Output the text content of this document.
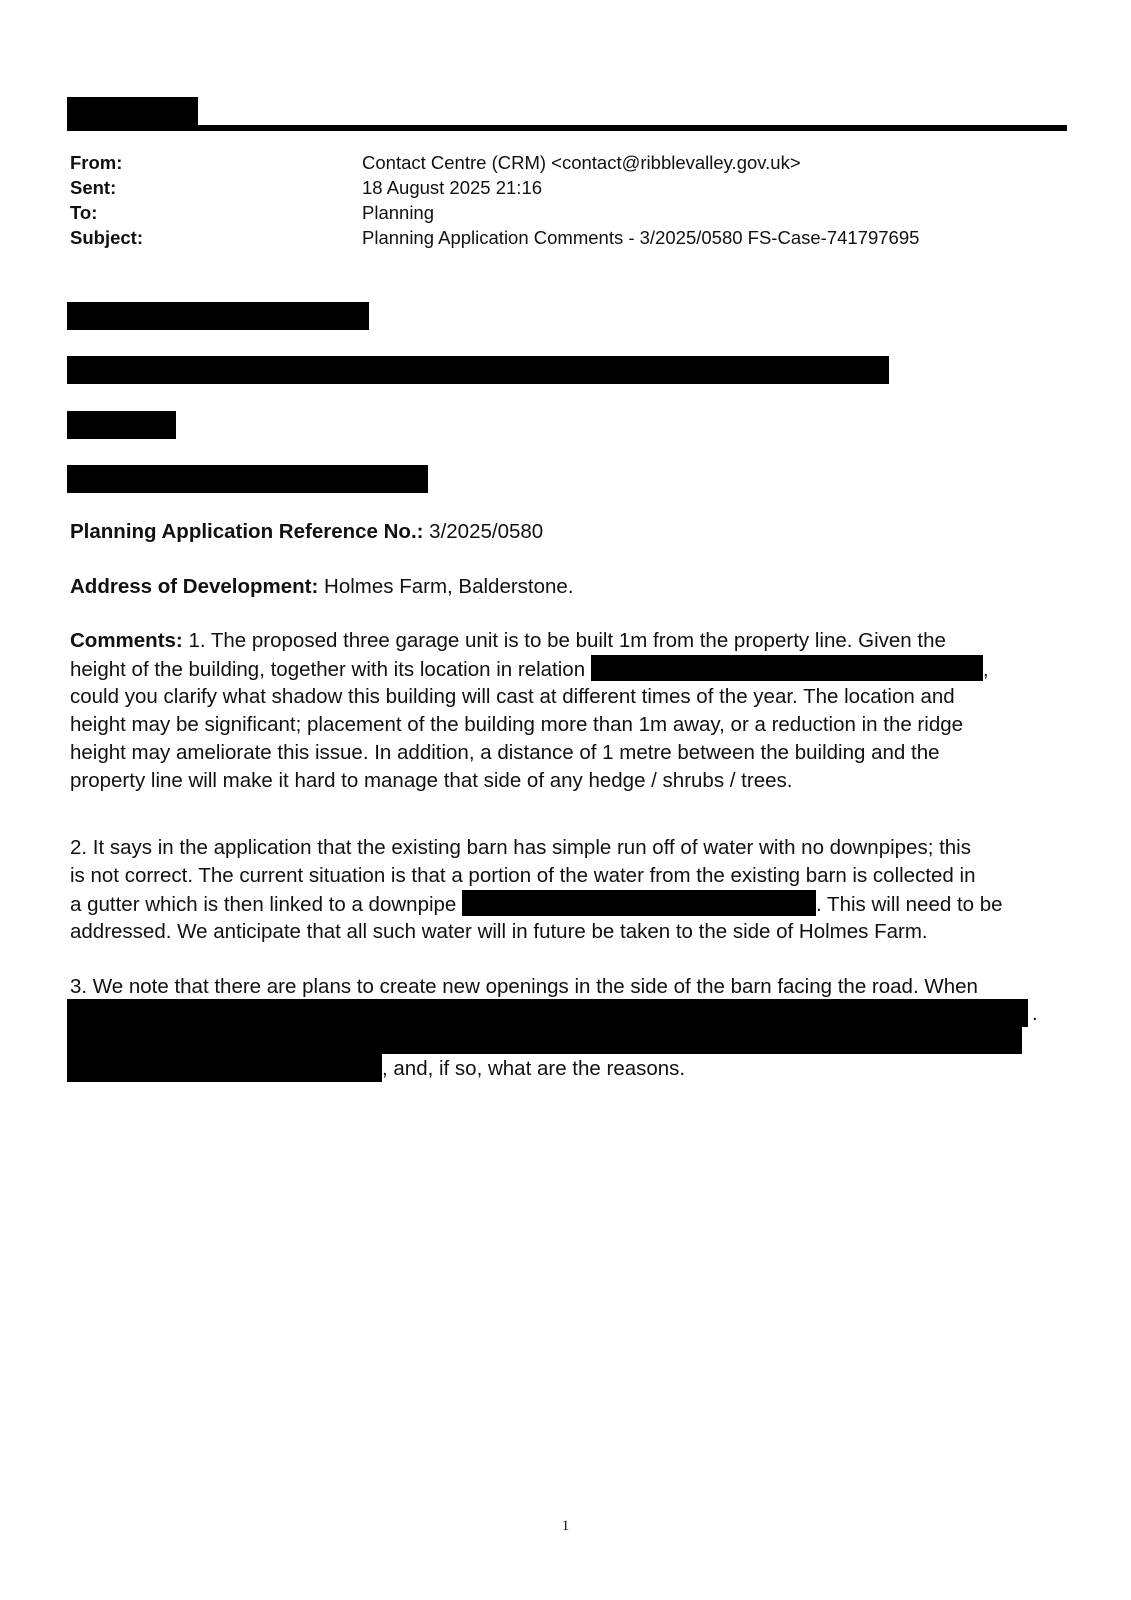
From:	Contact Centre (CRM) <contact@ribblevalley.gov.uk>
Sent:	18 August 2025 21:16
To:	Planning
Subject:	Planning Application Comments - 3/2025/0580 FS-Case-741797695
Planning Application Reference No.: 3/2025/0580
Address of Development: Holmes Farm, Balderstone.
Comments: 1. The proposed three garage unit is to be built 1m from the property line. Given the
height of the building, together with its location in relation	,
could you clarify what shadow this building will cast at different times of the year. The location and
height may be significant; placement of the building more than 1m away, or a reduction in the ridge
height may ameliorate this issue. In addition, a distance of 1 metre between the building and the
property line will make it hard to manage that side of any hedge / shrubs / trees.
2. It says in the application that the existing barn has simple run off of water with no downpipes; this
is not correct. The current situation is that a portion of the water from the existing barn is collected in
a gutter which is then linked to a downpipe	. This will need to be
addressed. We anticipate that all such water will in future be taken to the side of Holmes Farm.
3. We note that there are plans to create new openings in the side of the barn facing the road. When
.
, and, if so, what are the reasons.
1
